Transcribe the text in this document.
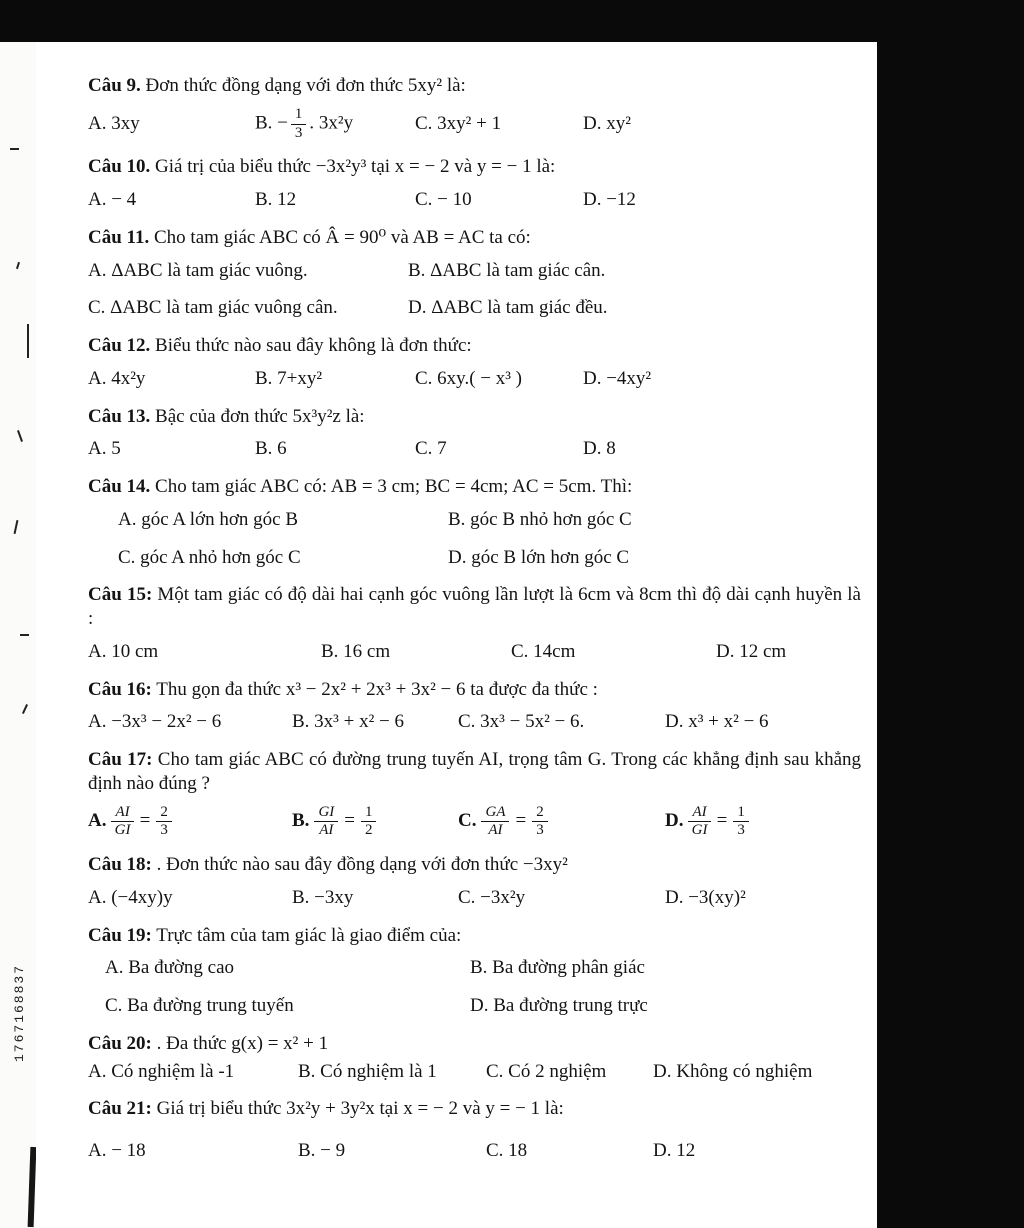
1767168837

Câu 9. Đơn thức đồng dạng với đơn thức 5xy² là:

A. 3xy	B. − $\frac{1}{3}$ . 3x²y	C. 3xy² + 1	D. xy²

Câu 10. Giá trị của biểu thức −3x²y³ tại x = − 2 và y = − 1 là:

A. − 4	B. 12	C. − 10	D. −12

Câu 11. Cho tam giác ABC có Â = 90⁰ và AB = AC ta có:

A. ΔABC là tam giác vuông.	B. ΔABC là tam giác cân.
C. ΔABC là tam giác vuông cân.	D. ΔABC là tam giác đều.

Câu 12. Biểu thức nào sau đây không là đơn thức:

A. 4x²y	B. 7+xy²	C. 6xy.( − x³ )	D. −4xy²

Câu 13. Bậc của đơn thức 5x³y²z là:

A. 5	B. 6	C. 7	D. 8

Câu 14. Cho tam giác ABC có: AB = 3 cm; BC = 4cm; AC = 5cm. Thì:

A. góc A lớn hơn góc B	B. góc B nhỏ hơn góc C
C. góc A nhỏ hơn góc C	D. góc B lớn hơn góc C

Câu 15: Một tam giác có độ dài hai cạnh góc vuông lần lượt là 6cm và 8cm thì độ dài cạnh huyền là :

A. 10 cm	B. 16 cm	C. 14cm	D. 12 cm

Câu 16: Thu gọn đa thức x³ − 2x² + 2x³ + 3x² − 6 ta được đa thức :

A. −3x³ − 2x² − 6	B. 3x³ + x² − 6	C. 3x³ − 5x² − 6.	D. x³ + x² − 6

Câu 17: Cho tam giác ABC có đường trung tuyến AI, trọng tâm G. Trong các khẳng định sau khẳng định nào đúng ?

A. $\frac{AI}{GI} = \frac{2}{3}$	B. $\frac{GI}{AI} = \frac{1}{2}$	C. $\frac{GA}{AI} = \frac{2}{3}$	D. $\frac{AI}{GI} = \frac{1}{3}$

Câu 18: . Đơn thức nào sau đây đồng dạng với đơn thức −3xy²

A. (−4xy)y	B. −3xy	C. −3x²y	D. −3(xy)²

Câu 19: Trực tâm của tam giác là giao điểm của:

A. Ba đường cao	B. Ba đường phân giác
C. Ba đường trung tuyến	D. Ba đường trung trực

Câu 20: . Đa thức g(x) = x² + 1

A. Có nghiệm là -1	B. Có nghiệm là 1	C. Có 2 nghiệm	D. Không có nghiệm

Câu 21: Giá trị biểu thức 3x²y + 3y²x tại x = − 2 và y = − 1 là:

A. − 18	B. − 9	C. 18	D. 12
